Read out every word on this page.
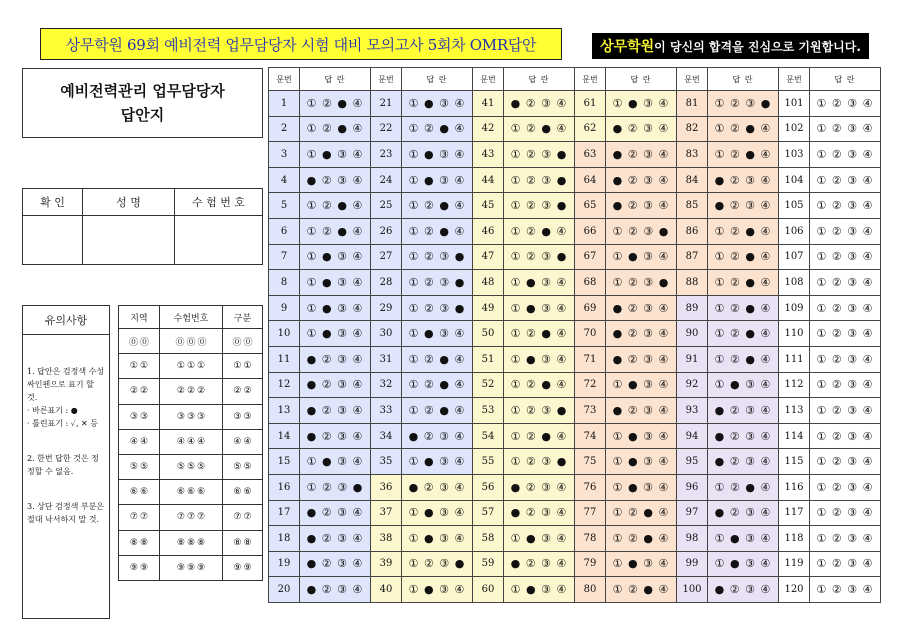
상무학원 69회 예비전력 업무담당자 시험 대비 모의고사 5회차 OMR답안	상무학원 이 당신의 합격을 진심으로 기원합니다.
예비전력관리 업무담당자
답안지
확 인	성 명	수 험 번 호

유의사항

1. 답안은 검정색 수성 싸인펜으로 표기 할 것.
· 바른표기 : ●
· 틀린표기 : ✓, ✕ 등

2. 한번 답한 것은 정정할 수 없음.

3. 상단 검정색 부분은 절대 낙서하지 말 것.

지역	수험번호	구분
⓪ ⓪	⓪ ⓪ ⓪	⓪ ⓪
① ①	① ① ①	① ①
② ②	② ② ②	② ②
③ ③	③ ③ ③	③ ③
④ ④	④ ④ ④	④ ④
⑤ ⑤	⑤ ⑤ ⑤	⑤ ⑤
⑥ ⑥	⑥ ⑥ ⑥	⑥ ⑥
⑦ ⑦	⑦ ⑦ ⑦	⑦ ⑦
⑧ ⑧	⑧ ⑧ ⑧	⑧ ⑧
⑨ ⑨	⑨ ⑨ ⑨	⑨ ⑨
문번	답 란	문번	답 란	문번	답 란	문번	답 란	문번	답 란	문번	답 란
1	① ② ● ④	21	① ● ③ ④	41	● ② ③ ④	61	① ● ③ ④	81	① ② ③ ●	101	① ② ③ ④
2	① ② ● ④	22	① ② ● ④	42	① ② ● ④	62	● ② ③ ④	82	① ② ● ④	102	① ② ③ ④
3	① ● ③ ④	23	① ● ③ ④	43	① ② ③ ●	63	● ② ③ ④	83	① ② ● ④	103	① ② ③ ④
4	● ② ③ ④	24	① ● ③ ④	44	① ② ③ ●	64	● ② ③ ④	84	● ② ③ ④	104	① ② ③ ④
5	① ② ● ④	25	① ② ● ④	45	① ② ③ ●	65	● ② ③ ④	85	● ② ③ ④	105	① ② ③ ④
6	① ② ● ④	26	① ② ● ④	46	① ② ● ④	66	① ② ③ ●	86	① ② ● ④	106	① ② ③ ④
7	① ● ③ ④	27	① ② ③ ●	47	① ② ③ ●	67	① ● ③ ④	87	① ② ● ④	107	① ② ③ ④
8	① ● ③ ④	28	① ② ③ ●	48	① ● ③ ④	68	① ② ③ ●	88	① ② ● ④	108	① ② ③ ④
9	① ● ③ ④	29	① ② ③ ●	49	① ● ③ ④	69	● ② ③ ④	89	① ② ● ④	109	① ② ③ ④
10	① ● ③ ④	30	① ● ③ ④	50	① ② ● ④	70	● ② ③ ④	90	① ② ● ④	110	① ② ③ ④
11	● ② ③ ④	31	① ② ● ④	51	① ● ③ ④	71	● ② ③ ④	91	① ② ● ④	111	① ② ③ ④
12	● ② ③ ④	32	① ② ● ④	52	① ② ● ④	72	① ● ③ ④	92	① ● ③ ④	112	① ② ③ ④
13	● ② ③ ④	33	① ② ● ④	53	① ② ③ ●	73	● ② ③ ④	93	● ② ③ ④	113	① ② ③ ④
14	● ② ③ ④	34	● ② ③ ④	54	① ② ● ④	74	① ● ③ ④	94	● ② ③ ④	114	① ② ③ ④
15	① ● ③ ④	35	① ● ③ ④	55	① ② ③ ●	75	① ● ③ ④	95	● ② ③ ④	115	① ② ③ ④
16	① ② ③ ●	36	● ② ③ ④	56	● ② ③ ④	76	① ● ③ ④	96	① ② ● ④	116	① ② ③ ④
17	● ② ③ ④	37	① ● ③ ④	57	● ② ③ ④	77	① ② ● ④	97	● ② ③ ④	117	① ② ③ ④
18	● ② ③ ④	38	① ● ③ ④	58	① ● ③ ④	78	① ② ● ④	98	① ● ③ ④	118	① ② ③ ④
19	● ② ③ ④	39	① ② ③ ●	59	● ② ③ ④	79	① ● ③ ④	99	① ● ③ ④	119	① ② ③ ④
20	● ② ③ ④	40	① ● ③ ④	60	① ● ③ ④	80	① ② ● ④	100	● ② ③ ④	120	① ② ③ ④
